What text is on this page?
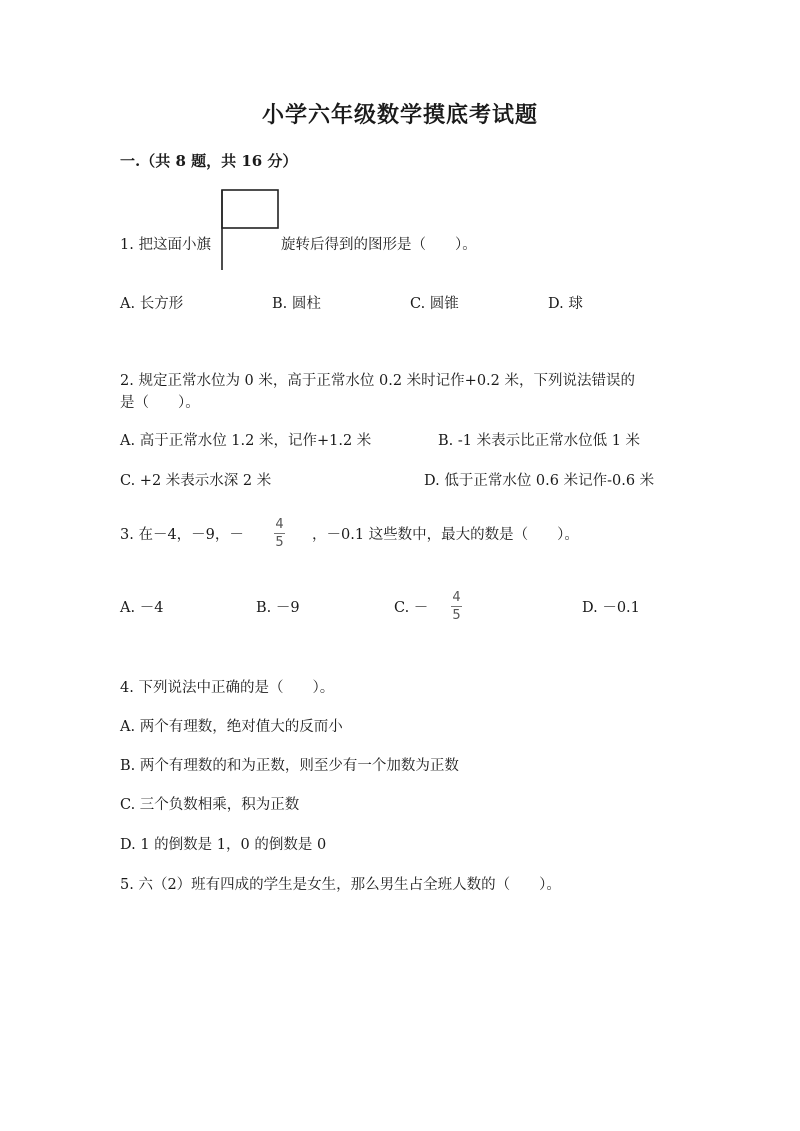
小学六年级数学摸底考试题
一.（共 8 题，共 16 分）
1. 把这面小旗	旋转后得到的图形是（　　）。
A. 长方形	B. 圆柱	C. 圆锥	D. 球
2. 规定正常水位为 0 米，高于正常水位 0.2 米时记作+0.2 米，下列说法错误的
是（　　）。
A. 高于正常水位 1.2 米，记作+1.2 米	B. -1 米表示比正常水位低 1 米
C. +2 米表示水深 2 米	D. 低于正常水位 0.6 米记作-0.6 米
3. 在－4，－9，－
4
5 ，－0.1 这些数中，最大的数是（　　）。
A. －4	B. －9	C. －
4
5	D. －0.1
4. 下列说法中正确的是（　　）。
A. 两个有理数，绝对值大的反而小
B. 两个有理数的和为正数，则至少有一个加数为正数
C. 三个负数相乘，积为正数
D. 1 的倒数是 1，0 的倒数是 0
5. 六（2）班有四成的学生是女生，那么男生占全班人数的（　　）。
